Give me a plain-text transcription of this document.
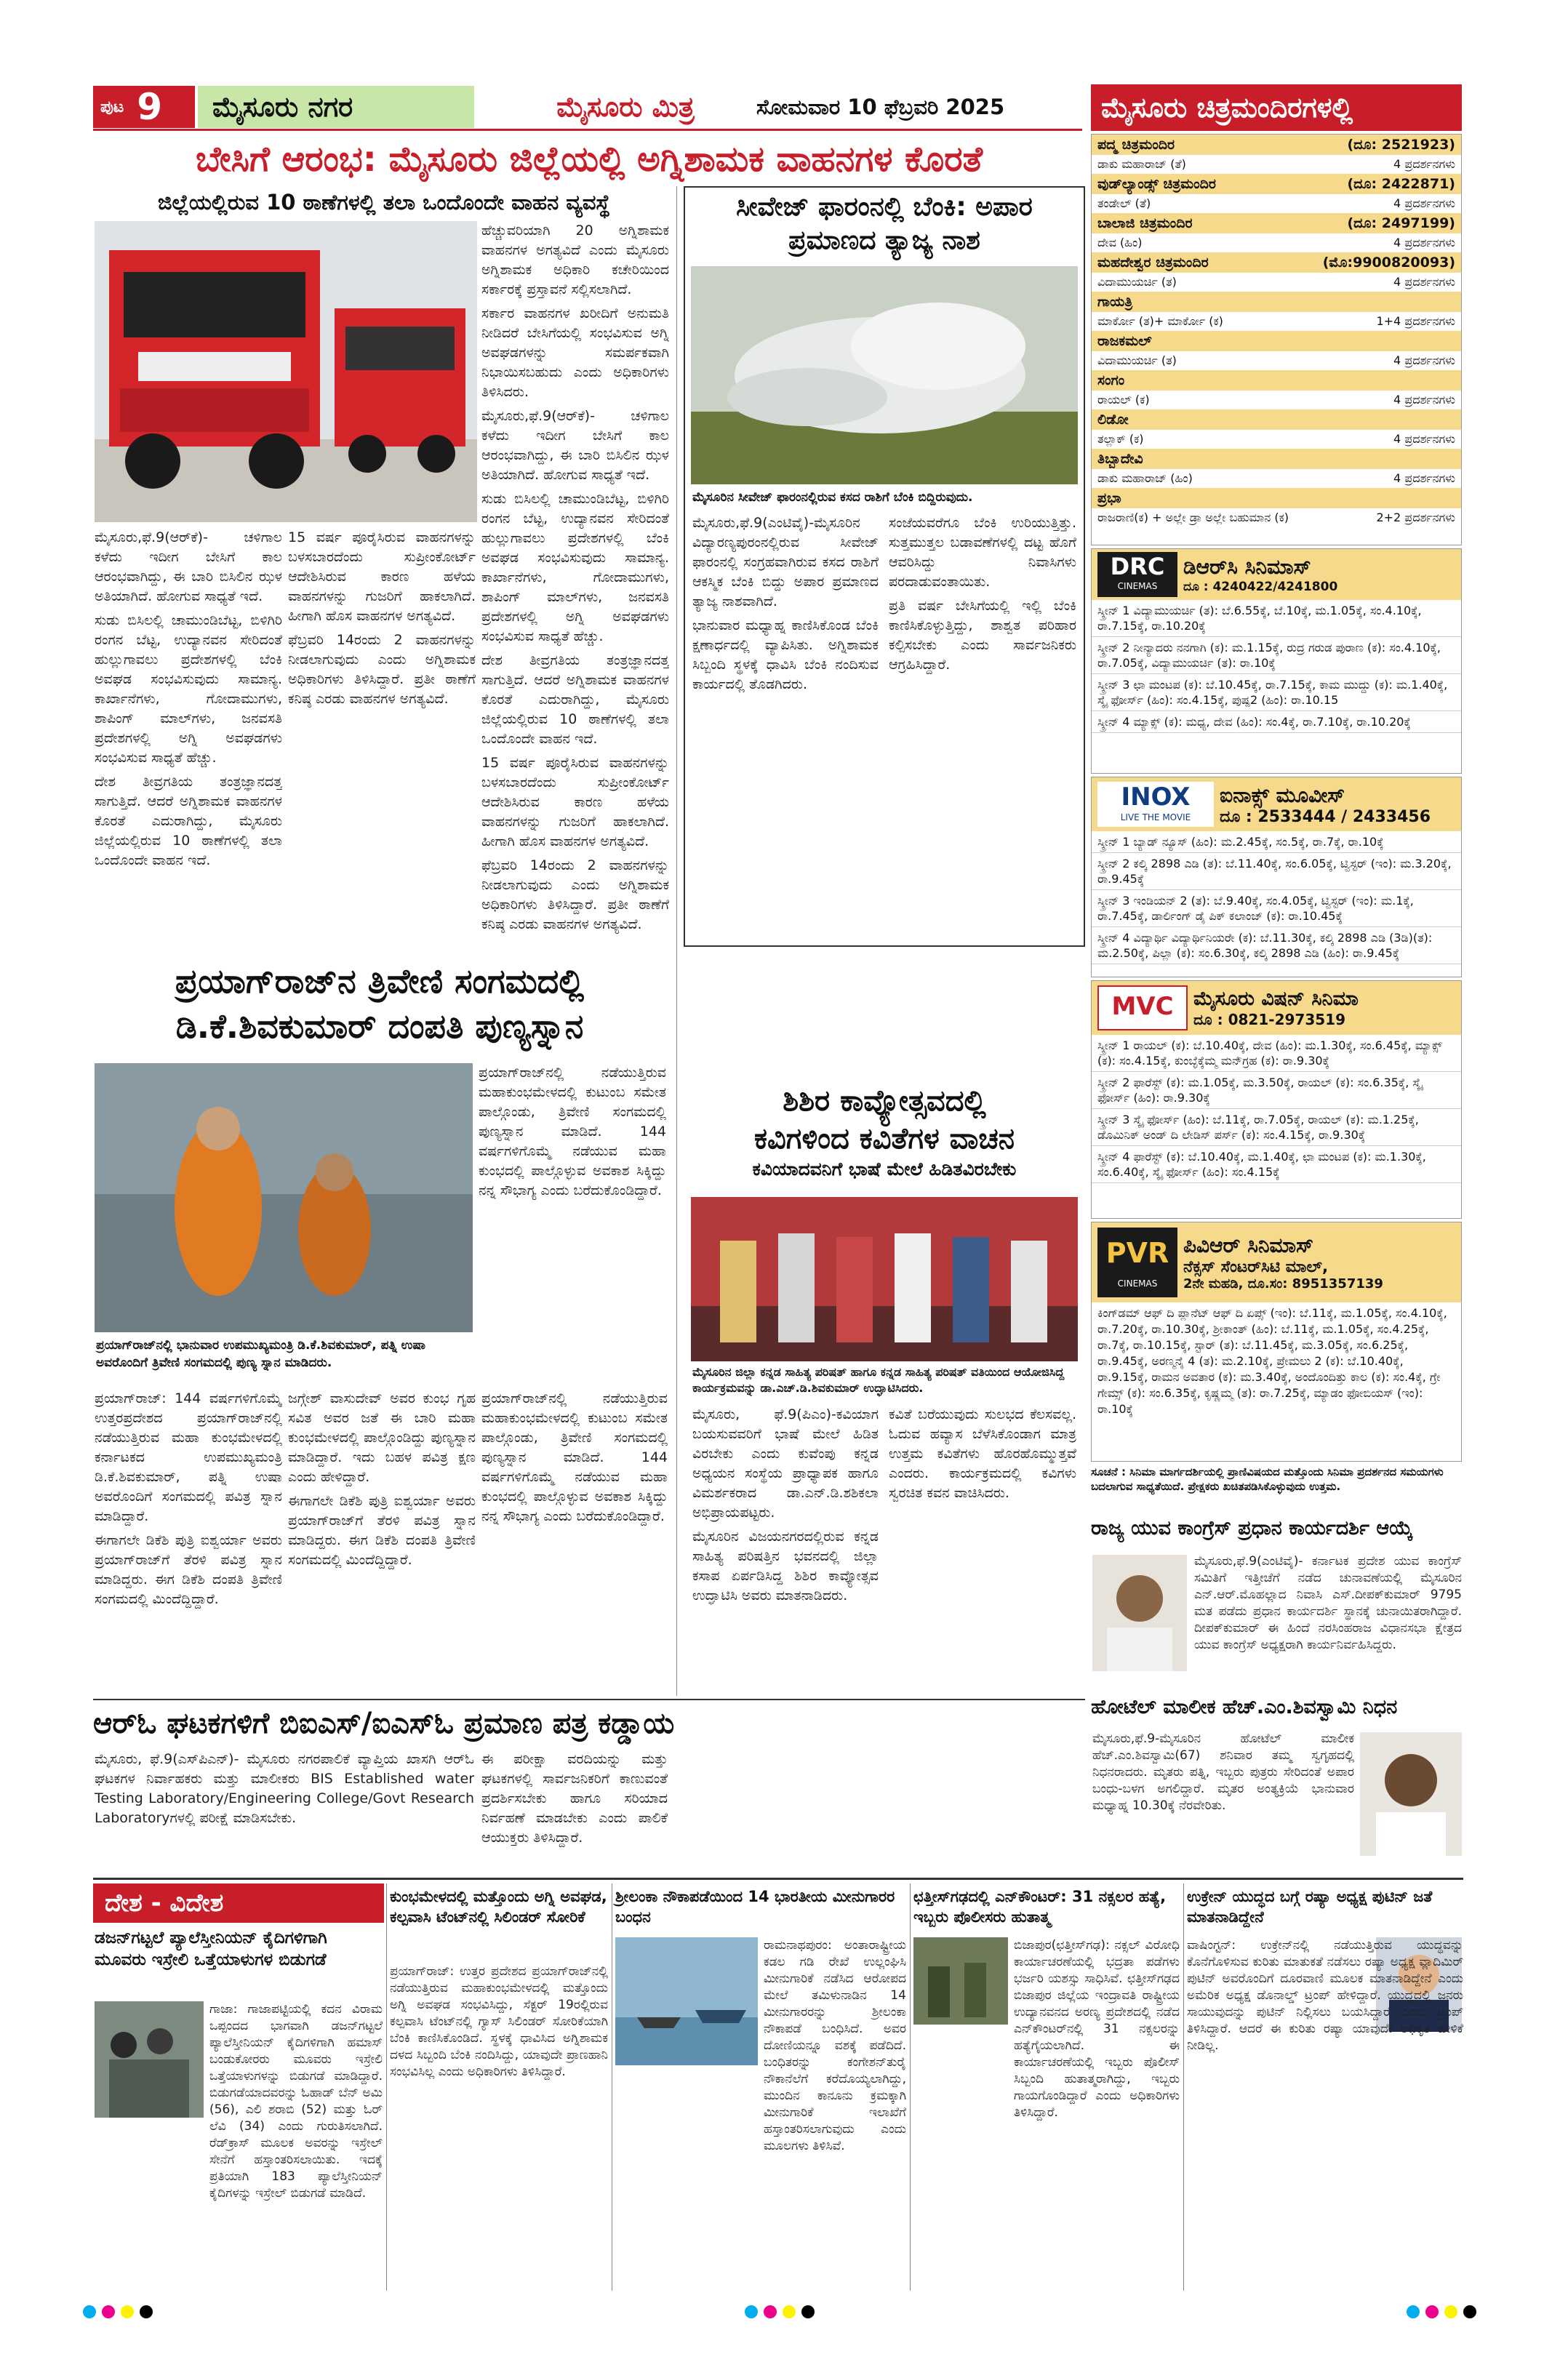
ಪುಟ 9 ಮೈಸೂರು ನಗರ	ಮೈಸೂರು ಮಿತ್ರ	ಸೋಮವಾರ 10 ಫೆಬ್ರವರಿ 2025
ಬೇಸಿಗೆ ಆರಂಭ: ಮೈಸೂರು ಜಿಲ್ಲೆಯಲ್ಲಿ ಅಗ್ನಿಶಾಮಕ ವಾಹನಗಳ ಕೊರತೆ
ಜಿಲ್ಲೆಯಲ್ಲಿರುವ 10 ಠಾಣೆಗಳಲ್ಲಿ ತಲಾ ಒಂದೊಂದೇ ವಾಹನ ವ್ಯವಸ್ಥೆ

ಮೈಸೂರು,ಫೆ.9(ಆರ್‌ಕೆ)- ಚಳಿಗಾಲ ಕಳೆದು ಇದೀಗ ಬೇಸಿಗೆ ಕಾಲ ಆರಂಭವಾಗಿದ್ದು, ಈ ಬಾರಿ ಬಿಸಿಲಿನ ಝಳ ಅತಿಯಾಗಿದೆ. ಹೋಗುವ ಸಾಧ್ಯತೆ ಇದೆ.

ಸುಡು ಬಿಸಿಲಲ್ಲಿ ಚಾಮುಂಡಿಬೆಟ್ಟ, ಬಿಳಿಗಿರಿ ರಂಗನ ಬೆಟ್ಟ, ಉದ್ಯಾನವನ ಸೇರಿದಂತೆ ಹುಲ್ಲುಗಾವಲು ಪ್ರದೇಶಗಳಲ್ಲಿ ಬೆಂಕಿ ಅವಘಡ ಸಂಭವಿಸುವುದು ಸಾಮಾನ್ಯ. ಕಾರ್ಖಾನೆಗಳು, ಗೋದಾಮುಗಳು, ಶಾಪಿಂಗ್ ಮಾಲ್‌ಗಳು, ಜನವಸತಿ ಪ್ರದೇಶಗಳಲ್ಲಿ ಅಗ್ನಿ ಅವಘಡಗಳು ಸಂಭವಿಸುವ ಸಾಧ್ಯತೆ ಹೆಚ್ಚು.

ದೇಶ ತೀವ್ರಗತಿಯ ತಂತ್ರಜ್ಞಾನದತ್ತ ಸಾಗುತ್ತಿದೆ. ಆದರೆ ಅಗ್ನಿಶಾಮಕ ವಾಹನಗಳ ಕೊರತೆ ಎದುರಾಗಿದ್ದು, ಮೈಸೂರು ಜಿಲ್ಲೆಯಲ್ಲಿರುವ 10 ಠಾಣೆಗಳಲ್ಲಿ ತಲಾ ಒಂದೊಂದೇ ವಾಹನ ಇದೆ.

15 ವರ್ಷ ಪೂರೈಸಿರುವ ವಾಹನಗಳನ್ನು ಬಳಸಬಾರದೆಂದು ಸುಪ್ರೀಂಕೋರ್ಟ್ ಆದೇಶಿಸಿರುವ ಕಾರಣ ಹಳೆಯ ವಾಹನಗಳನ್ನು ಗುಜರಿಗೆ ಹಾಕಲಾಗಿದೆ. ಹೀಗಾಗಿ ಹೊಸ ವಾಹನಗಳ ಅಗತ್ಯವಿದೆ.

ಫೆಬ್ರವರಿ 14ರಂದು 2 ವಾಹನಗಳನ್ನು ನೀಡಲಾಗುವುದು ಎಂದು ಅಗ್ನಿಶಾಮಕ ಅಧಿಕಾರಿಗಳು ತಿಳಿಸಿದ್ದಾರೆ. ಪ್ರತೀ ಠಾಣೆಗೆ ಕನಿಷ್ಠ ಎರಡು ವಾಹನಗಳ ಅಗತ್ಯವಿದೆ.

ಹೆಚ್ಚುವರಿಯಾಗಿ 20 ಅಗ್ನಿಶಾಮಕ ವಾಹನಗಳ ಅಗತ್ಯವಿದೆ ಎಂದು ಮೈಸೂರು ಅಗ್ನಿಶಾಮಕ ಅಧಿಕಾರಿ ಕಚೇರಿಯಿಂದ ಸರ್ಕಾರಕ್ಕೆ ಪ್ರಸ್ತಾವನೆ ಸಲ್ಲಿಸಲಾಗಿದೆ.

ಸರ್ಕಾರ ವಾಹನಗಳ ಖರೀದಿಗೆ ಅನುಮತಿ ನೀಡಿದರೆ ಬೇಸಿಗೆಯಲ್ಲಿ ಸಂಭವಿಸುವ ಅಗ್ನಿ ಅವಘಡಗಳನ್ನು ಸಮರ್ಪಕವಾಗಿ ನಿಭಾಯಿಸಬಹುದು ಎಂದು ಅಧಿಕಾರಿಗಳು ತಿಳಿಸಿದರು.

ಮೈಸೂರು,ಫೆ.9(ಆರ್‌ಕೆ)- ಚಳಿಗಾಲ ಕಳೆದು ಇದೀಗ ಬೇಸಿಗೆ ಕಾಲ ಆರಂಭವಾಗಿದ್ದು, ಈ ಬಾರಿ ಬಿಸಿಲಿನ ಝಳ ಅತಿಯಾಗಿದೆ. ಹೋಗುವ ಸಾಧ್ಯತೆ ಇದೆ.

ಸುಡು ಬಿಸಿಲಲ್ಲಿ ಚಾಮುಂಡಿಬೆಟ್ಟ, ಬಿಳಿಗಿರಿ ರಂಗನ ಬೆಟ್ಟ, ಉದ್ಯಾನವನ ಸೇರಿದಂತೆ ಹುಲ್ಲುಗಾವಲು ಪ್ರದೇಶಗಳಲ್ಲಿ ಬೆಂಕಿ ಅವಘಡ ಸಂಭವಿಸುವುದು ಸಾಮಾನ್ಯ. ಕಾರ್ಖಾನೆಗಳು, ಗೋದಾಮುಗಳು, ಶಾಪಿಂಗ್ ಮಾಲ್‌ಗಳು, ಜನವಸತಿ ಪ್ರದೇಶಗಳಲ್ಲಿ ಅಗ್ನಿ ಅವಘಡಗಳು ಸಂಭವಿಸುವ ಸಾಧ್ಯತೆ ಹೆಚ್ಚು.

ದೇಶ ತೀವ್ರಗತಿಯ ತಂತ್ರಜ್ಞಾನದತ್ತ ಸಾಗುತ್ತಿದೆ. ಆದರೆ ಅಗ್ನಿಶಾಮಕ ವಾಹನಗಳ ಕೊರತೆ ಎದುರಾಗಿದ್ದು, ಮೈಸೂರು ಜಿಲ್ಲೆಯಲ್ಲಿರುವ 10 ಠಾಣೆಗಳಲ್ಲಿ ತಲಾ ಒಂದೊಂದೇ ವಾಹನ ಇದೆ.

15 ವರ್ಷ ಪೂರೈಸಿರುವ ವಾಹನಗಳನ್ನು ಬಳಸಬಾರದೆಂದು ಸುಪ್ರೀಂಕೋರ್ಟ್ ಆದೇಶಿಸಿರುವ ಕಾರಣ ಹಳೆಯ ವಾಹನಗಳನ್ನು ಗುಜರಿಗೆ ಹಾಕಲಾಗಿದೆ. ಹೀಗಾಗಿ ಹೊಸ ವಾಹನಗಳ ಅಗತ್ಯವಿದೆ.

ಫೆಬ್ರವರಿ 14ರಂದು 2 ವಾಹನಗಳನ್ನು ನೀಡಲಾಗುವುದು ಎಂದು ಅಗ್ನಿಶಾಮಕ ಅಧಿಕಾರಿಗಳು ತಿಳಿಸಿದ್ದಾರೆ. ಪ್ರತೀ ಠಾಣೆಗೆ ಕನಿಷ್ಠ ಎರಡು ವಾಹನಗಳ ಅಗತ್ಯವಿದೆ.

ಸೀವೇಜ್ ಫಾರಂನಲ್ಲಿ ಬೆಂಕಿ: ಅಪಾರ ಪ್ರಮಾಣದ ತ್ಯಾಜ್ಯ ನಾಶ
ಮೈಸೂರಿನ ಸೀವೇಜ್ ಫಾರಂನಲ್ಲಿರುವ ಕಸದ ರಾಶಿಗೆ ಬೆಂಕಿ ಬಿದ್ದಿರುವುದು.

ಮೈಸೂರು,ಫೆ.9(ಎಂಟಿವೈ)-ಮೈಸೂರಿನ ವಿದ್ಯಾರಣ್ಯಪುರಂನಲ್ಲಿರುವ ಸೀವೇಜ್ ಫಾರಂನಲ್ಲಿ ಸಂಗ್ರಹವಾಗಿರುವ ಕಸದ ರಾಶಿಗೆ ಆಕಸ್ಮಿಕ ಬೆಂಕಿ ಬಿದ್ದು ಅಪಾರ ಪ್ರಮಾಣದ ತ್ಯಾಜ್ಯ ನಾಶವಾಗಿದೆ.

ಭಾನುವಾರ ಮಧ್ಯಾಹ್ನ ಕಾಣಿಸಿಕೊಂಡ ಬೆಂಕಿ ಕ್ಷಣಾರ್ಧದಲ್ಲಿ ವ್ಯಾಪಿಸಿತು. ಅಗ್ನಿಶಾಮಕ ಸಿಬ್ಬಂದಿ ಸ್ಥಳಕ್ಕೆ ಧಾವಿಸಿ ಬೆಂಕಿ ನಂದಿಸುವ ಕಾರ್ಯದಲ್ಲಿ ತೊಡಗಿದರು.

ಸಂಜೆಯವರೆಗೂ ಬೆಂಕಿ ಉರಿಯುತ್ತಿತ್ತು. ಸುತ್ತಮುತ್ತಲ ಬಡಾವಣೆಗಳಲ್ಲಿ ದಟ್ಟ ಹೊಗೆ ಆವರಿಸಿದ್ದು ನಿವಾಸಿಗಳು ಪರದಾಡುವಂತಾಯಿತು.

ಪ್ರತಿ ವರ್ಷ ಬೇಸಿಗೆಯಲ್ಲಿ ಇಲ್ಲಿ ಬೆಂಕಿ ಕಾಣಿಸಿಕೊಳ್ಳುತ್ತಿದ್ದು, ಶಾಶ್ವತ ಪರಿಹಾರ ಕಲ್ಪಿಸಬೇಕು ಎಂದು ಸಾರ್ವಜನಿಕರು ಆಗ್ರಹಿಸಿದ್ದಾರೆ.

ಪ್ರಯಾಗ್‌ರಾಜ್‌ನ ತ್ರಿವೇಣಿ ಸಂಗಮದಲ್ಲಿ
ಡಿ.ಕೆ.ಶಿವಕುಮಾರ್ ದಂಪತಿ ಪುಣ್ಯಸ್ನಾನ
ಪ್ರಯಾಗ್‌ರಾಜ್‌ನಲ್ಲಿ ಭಾನುವಾರ ಉಪಮುಖ್ಯಮಂತ್ರಿ ಡಿ.ಕೆ.ಶಿವಕುಮಾರ್, ಪತ್ನಿ ಉಷಾ ಅವರೊಂದಿಗೆ ತ್ರಿವೇಣಿ ಸಂಗಮದಲ್ಲಿ ಪುಣ್ಯ ಸ್ನಾನ ಮಾಡಿದರು.

ಪ್ರಯಾಗ್‌ರಾಜ್‌ನಲ್ಲಿ ನಡೆಯುತ್ತಿರುವ ಮಹಾಕುಂಭಮೇಳದಲ್ಲಿ ಕುಟುಂಬ ಸಮೇತ ಪಾಲ್ಗೊಂಡು, ತ್ರಿವೇಣಿ ಸಂಗಮದಲ್ಲಿ ಪುಣ್ಯಸ್ನಾನ ಮಾಡಿದೆ. 144 ವರ್ಷಗಳಿಗೊಮ್ಮೆ ನಡೆಯುವ ಮಹಾ ಕುಂಭದಲ್ಲಿ ಪಾಲ್ಗೊಳ್ಳುವ ಅವಕಾಶ ಸಿಕ್ಕಿದ್ದು ನನ್ನ ಸೌಭಾಗ್ಯ ಎಂದು ಬರೆದುಕೊಂಡಿದ್ದಾರೆ.

ಪ್ರಯಾಗ್‌ರಾಜ್: 144 ವರ್ಷಗಳಿಗೊಮ್ಮೆ ಉತ್ತರಪ್ರದೇಶದ ಪ್ರಯಾಗ್‌ರಾಜ್‌ನಲ್ಲಿ ನಡೆಯುತ್ತಿರುವ ಮಹಾ ಕುಂಭಮೇಳದಲ್ಲಿ ಕರ್ನಾಟಕದ ಉಪಮುಖ್ಯಮಂತ್ರಿ ಡಿ.ಕೆ.ಶಿವಕುಮಾರ್, ಪತ್ನಿ ಉಷಾ ಅವರೊಂದಿಗೆ ಸಂಗಮದಲ್ಲಿ ಪವಿತ್ರ ಸ್ನಾನ ಮಾಡಿದ್ದಾರೆ.

ಈಗಾಗಲೇ ಡಿಕೆಶಿ ಪುತ್ರಿ ಐಶ್ವರ್ಯಾ ಅವರು ಪ್ರಯಾಗ್‌ರಾಜ್‌ಗೆ ತೆರಳಿ ಪವಿತ್ರ ಸ್ನಾನ ಮಾಡಿದ್ದರು. ಈಗ ಡಿಕೆಶಿ ದಂಪತಿ ತ್ರಿವೇಣಿ ಸಂಗಮದಲ್ಲಿ ಮಿಂದೆದ್ದಿದ್ದಾರೆ.

ಜಗ್ಗೇಶ್ ವಾಸುದೇವ್ ಅವರ ಕುಂಭ ಗೃಹ ಸವಿತ ಅವರ ಜತೆ ಈ ಬಾರಿ ಮಹಾ ಕುಂಭಮೇಳದಲ್ಲಿ ಪಾಲ್ಗೊಂಡಿದ್ದು ಪುಣ್ಯಸ್ನಾನ ಮಾಡಿದ್ದಾರೆ. ಇದು ಬಹಳ ಪವಿತ್ರ ಕ್ಷಣ ಎಂದು ಹೇಳಿದ್ದಾರೆ.

ಈಗಾಗಲೇ ಡಿಕೆಶಿ ಪುತ್ರಿ ಐಶ್ವರ್ಯಾ ಅವರು ಪ್ರಯಾಗ್‌ರಾಜ್‌ಗೆ ತೆರಳಿ ಪವಿತ್ರ ಸ್ನಾನ ಮಾಡಿದ್ದರು. ಈಗ ಡಿಕೆಶಿ ದಂಪತಿ ತ್ರಿವೇಣಿ ಸಂಗಮದಲ್ಲಿ ಮಿಂದೆದ್ದಿದ್ದಾರೆ.

ಪ್ರಯಾಗ್‌ರಾಜ್‌ನಲ್ಲಿ ನಡೆಯುತ್ತಿರುವ ಮಹಾಕುಂಭಮೇಳದಲ್ಲಿ ಕುಟುಂಬ ಸಮೇತ ಪಾಲ್ಗೊಂಡು, ತ್ರಿವೇಣಿ ಸಂಗಮದಲ್ಲಿ ಪುಣ್ಯಸ್ನಾನ ಮಾಡಿದೆ. 144 ವರ್ಷಗಳಿಗೊಮ್ಮೆ ನಡೆಯುವ ಮಹಾ ಕುಂಭದಲ್ಲಿ ಪಾಲ್ಗೊಳ್ಳುವ ಅವಕಾಶ ಸಿಕ್ಕಿದ್ದು ನನ್ನ ಸೌಭಾಗ್ಯ ಎಂದು ಬರೆದುಕೊಂಡಿದ್ದಾರೆ.

ಶಿಶಿರ ಕಾವ್ಯೋತ್ಸವದಲ್ಲಿ
ಕವಿಗಳಿಂದ ಕವಿತೆಗಳ ವಾಚನ
ಕವಿಯಾದವನಿಗೆ ಭಾಷೆ ಮೇಲೆ ಹಿಡಿತವಿರಬೇಕು
ಮೈಸೂರಿನ ಜಿಲ್ಲಾ ಕನ್ನಡ ಸಾಹಿತ್ಯ ಪರಿಷತ್ ಹಾಗೂ ಕನ್ನಡ ಸಾಹಿತ್ಯ ಪರಿಷತ್ ವತಿಯಿಂದ ಆಯೋಜಿಸಿದ್ದ ಕಾರ್ಯಕ್ರಮವನ್ನು ಡಾ.ಎಚ್.ಡಿ.ಶಿವಕುಮಾರ್ ಉದ್ಘಾಟಿಸಿದರು.

ಮೈಸೂರು, ಫೆ.9(ಪಿಎಂ)-ಕವಿಯಾಗ ಬಯಸುವವರಿಗೆ ಭಾಷೆ ಮೇಲೆ ಹಿಡಿತ ವಿರಬೇಕು ಎಂದು ಕುವೆಂಪು ಕನ್ನಡ ಅಧ್ಯಯನ ಸಂಸ್ಥೆಯ ಪ್ರಾಧ್ಯಾಪಕ ಹಾಗೂ ವಿಮರ್ಶಕರಾದ ಡಾ.ಎನ್.ಡಿ.ಶಶಿಕಲಾ ಅಭಿಪ್ರಾಯಪಟ್ಟರು.

ಮೈಸೂರಿನ ವಿಜಯನಗರದಲ್ಲಿರುವ ಕನ್ನಡ ಸಾಹಿತ್ಯ ಪರಿಷತ್ತಿನ ಭವನದಲ್ಲಿ ಜಿಲ್ಲಾ ಕಸಾಪ ಏರ್ಪಡಿಸಿದ್ದ ಶಿಶಿರ ಕಾವ್ಯೋತ್ಸವ ಉದ್ಘಾಟಿಸಿ ಅವರು ಮಾತನಾಡಿದರು.

ಕವಿತೆ ಬರೆಯುವುದು ಸುಲಭದ ಕೆಲಸವಲ್ಲ. ಓದುವ ಹವ್ಯಾಸ ಬೆಳೆಸಿಕೊಂಡಾಗ ಮಾತ್ರ ಉತ್ತಮ ಕವಿತೆಗಳು ಹೊರಹೊಮ್ಮುತ್ತವೆ ಎಂದರು. ಕಾರ್ಯಕ್ರಮದಲ್ಲಿ ಕವಿಗಳು ಸ್ವರಚಿತ ಕವನ ವಾಚಿಸಿದರು.

ಆರ್‌ಓ ಘಟಕಗಳಿಗೆ ಬಿಐಎಸ್/ಐಎಸ್‌ಓ ಪ್ರಮಾಣ ಪತ್ರ ಕಡ್ಡಾಯ

ಮೈಸೂರು, ಫೆ.9(ಎಸ್‌ಪಿಎನ್)- ಮೈಸೂರು ನಗರಪಾಲಿಕೆ ವ್ಯಾಪ್ತಿಯ ಖಾಸಗಿ ಆರ್‌ಓ ಘಟಕಗಳ ನಿರ್ವಾಹಕರು ಮತ್ತು ಮಾಲೀಕರು BIS Established water Testing Laboratory/Engineering College/Govt Research Laboratoryಗಳಲ್ಲಿ ಪರೀಕ್ಷೆ ಮಾಡಿಸಬೇಕು.

ಈ ಪರೀಕ್ಷಾ ವರದಿಯನ್ನು ಮತ್ತು ಘಟಕಗಳಲ್ಲಿ ಸಾರ್ವಜನಿಕರಿಗೆ ಕಾಣುವಂತೆ ಪ್ರದರ್ಶಿಸಬೇಕು ಹಾಗೂ ಸರಿಯಾದ ನಿರ್ವಹಣೆ ಮಾಡಬೇಕು ಎಂದು ಪಾಲಿಕೆ ಆಯುಕ್ತರು ತಿಳಿಸಿದ್ದಾರೆ.

ಮೈಸೂರು ಚಿತ್ರಮಂದಿರಗಳಲ್ಲಿ
ಪದ್ಮ ಚಿತ್ರಮಂದಿರ	(ದೂ: 2521923)
ಡಾಕು ಮಹಾರಾಜ್ (ತೆ)	4 ಪ್ರದರ್ಶನಗಳು
ವುಡ್‌ಲ್ಯಾಂಡ್ಸ್ ಚಿತ್ರಮಂದಿರ	(ದೂ: 2422871)
ತಂಡೇಲ್ (ತೆ)	4 ಪ್ರದರ್ಶನಗಳು
ಬಾಲಾಜಿ ಚಿತ್ರಮಂದಿರ	(ದೂ: 2497199)
ದೇವ (ಹಿಂ)	4 ಪ್ರದರ್ಶನಗಳು
ಮಹದೇಶ್ವರ ಚಿತ್ರಮಂದಿರ	(ಮೊ:9900820093)
ವಿದಾಮುಯರ್ಚಿ (ತ)	4 ಪ್ರದರ್ಶನಗಳು
ಗಾಯತ್ರಿ
ಮಾರ್ಕೋ (ತ)+ ಮಾರ್ಕೋ (ಕ)	1+4 ಪ್ರದರ್ಶನಗಳು
ರಾಜಕಮಲ್
ವಿದಾಮುಯರ್ಚಿ (ತ)	4 ಪ್ರದರ್ಶನಗಳು
ಸಂಗಂ
ರಾಯಲ್ (ಕ)	4 ಪ್ರದರ್ಶನಗಳು
ಲಿಡೋ
ತಲ್ಲಾಕ್ (ಕ)	4 ಪ್ರದರ್ಶನಗಳು
ತಿಬ್ಬಾದೇವಿ
ಡಾಕು ಮಹಾರಾಜ್ (ಹಿಂ)	4 ಪ್ರದರ್ಶನಗಳು
ಪ್ರಭಾ
ರಾಜರಾಣಿ(ಕ) + ಅಲ್ಲೇ ಡ್ರಾ ಅಲ್ಲೇ ಬಹುಮಾನ (ಕ)	2+2 ಪ್ರದರ್ಶನಗಳು
DRC
CINEMAS
ಡಿಆರ್‌ಸಿ ಸಿನಿಮಾಸ್
ದೂ : 4240422/4241800
ಸ್ಕ್ರೀನ್ 1 ವಿದ್ಯಾಮುಯರ್ಚಿ (ತ): ಬೆ.6.55ಕ್ಕೆ, ಬೆ.10ಕ್ಕೆ, ಮ.1.05ಕ್ಕೆ, ಸಂ.4.10ಕ್ಕೆ, ರಾ.7.15ಕ್ಕೆ, ರಾ.10.20ಕ್ಕೆ
ಸ್ಕ್ರೀನ್ 2 ನೀನ್ಯಾದರು ನನಗಾಗಿ (ಕ): ಮ.1.15ಕ್ಕೆ, ರುದ್ರ ಗರುಡ ಪುರಾಣ (ಕ): ಸಂ.4.10ಕ್ಕೆ, ರಾ.7.05ಕ್ಕೆ, ವಿದ್ಯಾಮುಯರ್ಚಿ (ತ): ರಾ.10ಕ್ಕೆ
ಸ್ಕ್ರೀನ್ 3 ಛಾ ಮಂಟಪ (ಕ): ಬೆ.10.45ಕ್ಕೆ, ರಾ.7.15ಕ್ಕೆ, ಕಾಮ ಮುದ್ದು (ಕ): ಮ.1.40ಕ್ಕೆ, ಸ್ಕೈ ಫೋರ್ಸ್ (ಹಿಂ): ಸಂ.4.15ಕ್ಕೆ, ಪುಷ್ಪ2 (ಹಿಂ): ರಾ.10.15
ಸ್ಕ್ರೀನ್ 4 ಮ್ಯಾಕ್ಸ್ (ಕ): ಮಧ್ಯ, ದೇವ (ಹಿಂ): ಸಂ.4ಕ್ಕೆ, ರಾ.7.10ಕ್ಕೆ, ರಾ.10.20ಕ್ಕೆ
INOX
LIVE THE MOVIE
ಐನಾಕ್ಸ್ ಮೂವೀಸ್
ದೂ : 2533444 / 2433456
ಸ್ಕ್ರೀನ್ 1 ಬ್ಯಾಡ್ ನ್ಯೂಸ್ (ಹಿಂ): ಮ.2.45ಕ್ಕೆ, ಸಂ.5ಕ್ಕೆ, ರಾ.7ಕ್ಕೆ, ರಾ.10ಕ್ಕೆ
ಸ್ಕ್ರೀನ್ 2 ಕಲ್ಕಿ 2898 ಎಡಿ (ತ): ಬೆ.11.40ಕ್ಕೆ, ಸಂ.6.05ಕ್ಕೆ, ಟ್ವಿಸ್ಟರ್ (ಇಂ): ಮ.3.20ಕ್ಕೆ, ರಾ.9.45ಕ್ಕೆ
ಸ್ಕ್ರೀನ್ 3 ಇಂಡಿಯನ್ 2 (ತ): ಬೆ.9.40ಕ್ಕೆ, ಸಂ.4.05ಕ್ಕೆ, ಟ್ವಿಸ್ಟರ್ (ಇಂ): ಮ.1ಕ್ಕೆ, ರಾ.7.45ಕ್ಕೆ, ಡಾರ್ಲಿಂಗ್ ಡೈ ಪಿಕ್ ಕಲಾಂಜ್ (ಕ): ರಾ.10.45ಕ್ಕೆ
ಸ್ಕ್ರೀನ್ 4 ವಿದ್ಯಾರ್ಥಿ ವಿದ್ಯಾರ್ಥಿನಿಯರೇ (ಕ): ಬೆ.11.30ಕ್ಕೆ, ಕಲ್ಕಿ 2898 ಎಡಿ (3ಡಿ)(ತ): ಮ.2.50ಕ್ಕೆ, ಪಿಲ್ಲಾ (ಕ): ಸಂ.6.30ಕ್ಕೆ, ಕಲ್ಕಿ 2898 ಎಡಿ (ಹಿಂ): ರಾ.9.45ಕ್ಕೆ
MVC	ಮೈಸೂರು ವಿಷನ್ ಸಿನಿಮಾ
ದೂ : 0821-2973519
ಸ್ಕ್ರೀನ್ 1 ರಾಯಲ್ (ಕ): ಬೆ.10.40ಕ್ಕೆ, ದೇವ (ಹಿಂ): ಮ.1.30ಕ್ಕೆ, ಸಂ.6.45ಕ್ಕೆ, ಮ್ಯಾಕ್ಸ್ (ಕ): ಸಂ.4.15ಕ್ಕೆ, ಕುಂಬ್ಳೆಕ್ಕೆಮ್ಮ ಮನೆ್ಗ್ರಹ (ಕ): ರಾ.9.30ಕ್ಕೆ
ಸ್ಕ್ರೀನ್ 2 ಫಾರೆಸ್ಟ್ (ಕ): ಮ.1.05ಕ್ಕೆ, ಮ.3.50ಕ್ಕೆ, ರಾಯಲ್ (ಕ): ಸಂ.6.35ಕ್ಕೆ, ಸ್ಕೈ ಫೋರ್ಸ್ (ಹಿಂ): ರಾ.9.30ಕ್ಕೆ
ಸ್ಕ್ರೀನ್ 3 ಸ್ಕೈ ಫೋರ್ಸ್ (ಹಿಂ): ಬೆ.11ಕ್ಕೆ, ರಾ.7.05ಕ್ಕೆ, ರಾಯಲ್ (ಕ): ಮ.1.25ಕ್ಕೆ, ಡೊಮಿನಿಕ್ ಅಂಡ್ ದಿ ಲೇಡಿಸ್ ಪರ್ಸ್ (ಕ): ಸಂ.4.15ಕ್ಕೆ, ರಾ.9.30ಕ್ಕೆ
ಸ್ಕ್ರೀನ್ 4 ಫಾರೆಸ್ಟ್ (ಕ): ಬೆ.10.40ಕ್ಕೆ, ಮ.1.40ಕ್ಕೆ, ಛಾ ಮಂಟಪ (ಕ): ಮ.1.30ಕ್ಕೆ, ಸಂ.6.40ಕ್ಕೆ, ಸ್ಕೈ ಫೋರ್ಸ್ (ಹಿಂ): ಸಂ.4.15ಕ್ಕೆ
PVR
CINEMAS
ಪಿವಿಆರ್ ಸಿನಿಮಾಸ್
ನೆಕ್ಸಸ್ ಸೆಂಟರ್‌ಸಿಟಿ ಮಾಲ್,
2ನೇ ಮಹಡಿ, ದೂ.ಸಂ: 8951357139
ಕಿಂಗ್‌ಡಮ್ ಆಫ್ ದಿ ಪ್ಲಾನೆಟ್ ಆಫ್ ದಿ ಏಪ್ಸ್ (ಇಂ): ಬೆ.11ಕ್ಕೆ, ಮ.1.05ಕ್ಕೆ, ಸಂ.4.10ಕ್ಕೆ, ರಾ.7.20ಕ್ಕೆ, ರಾ.10.30ಕ್ಕೆ, ಶ್ರೀಕಾಂತ್ (ಹಿಂ): ಬೆ.11ಕ್ಕೆ, ಮ.1.05ಕ್ಕೆ, ಸಂ.4.25ಕ್ಕೆ, ರಾ.7ಕ್ಕೆ, ರಾ.10.15ಕ್ಕೆ, ಸ್ಟಾರ್ (ತ): ಬೆ.11.45ಕ್ಕೆ, ಮ.3.05ಕ್ಕೆ, ಸಂ.6.25ಕ್ಕೆ, ರಾ.9.45ಕ್ಕೆ, ಅರಣ್ಮನೈ 4 (ತ): ಮ.2.10ಕ್ಕೆ, ಪ್ರೇಮಲು 2 (ಕ): ಬೆ.10.40ಕ್ಕೆ, ರಾ.9.15ಕ್ಕೆ, ರಾಮನ ಅವತಾರ (ಕ): ಮ.3.40ಕ್ಕೆ, ಅಂದೊಂದಿತ್ತು ಕಾಲ (ಕ): ಸಂ.4ಕ್ಕೆ, ಗ್ರೇ ಗೇಮ್ಸ್ (ಕ): ಸಂ.6.35ಕ್ಕೆ, ಕೃಷ್ಣಮ್ಮ (ತ): ರಾ.7.25ಕ್ಕೆ, ಮ್ಯಾಡಂ ಫೋಬಿಯಸ್ (ಇಂ): ರಾ.10ಕ್ಕೆ
ಸೂಚನೆ : ಸಿನಿಮಾ ಮಾರ್ಗದರ್ಶಿಯಲ್ಲಿ ಪ್ರಾಣಿವಿಷಯದ ಮತ್ತೊಂದು ಸಿನಿಮಾ ಪ್ರದರ್ಶನದ ಸಮಯಗಳು ಬದಲಾಗುವ ಸಾಧ್ಯತೆಯಿದೆ. ಪ್ರೇಕ್ಷಕರು ಖಚಿತಪಡಿಸಿಕೊಳ್ಳುವುದು ಉತ್ತಮ.
ರಾಜ್ಯ ಯುವ ಕಾಂಗ್ರೆಸ್ ಪ್ರಧಾನ ಕಾರ್ಯದರ್ಶಿ ಆಯ್ಕೆ
ಮೈಸೂರು,ಫೆ.9(ಎಂಟಿವೈ)- ಕರ್ನಾಟಕ ಪ್ರದೇಶ ಯುವ ಕಾಂಗ್ರೆಸ್ ಸಮಿತಿಗೆ ಇತ್ತೀಚೆಗೆ ನಡೆದ ಚುನಾವಣೆಯಲ್ಲಿ ಮೈಸೂರಿನ ಎನ್.ಆರ್.ಮೊಹಲ್ಲಾದ ನಿವಾಸಿ ಎಸ್.ದೀಪಕ್‌ಕುಮಾರ್ 9795 ಮತ ಪಡೆದು ಪ್ರಧಾನ ಕಾರ್ಯದರ್ಶಿ ಸ್ಥಾನಕ್ಕೆ ಚುನಾಯಿತರಾಗಿದ್ದಾರೆ. ದೀಪಕ್‌ಕುಮಾರ್ ಈ ಹಿಂದೆ ನರಸಿಂಹರಾಜ ವಿಧಾನಸಭಾ ಕ್ಷೇತ್ರದ ಯುವ ಕಾಂಗ್ರೆಸ್ ಅಧ್ಯಕ್ಷರಾಗಿ ಕಾರ್ಯನಿರ್ವಹಿಸಿದ್ದರು.
ಹೋಟೆಲ್ ಮಾಲೀಕ ಹೆಚ್.ಎಂ.ಶಿವಸ್ವಾಮಿ ನಿಧನ
ಮೈಸೂರು,ಫೆ.9-ಮೈಸೂರಿನ ಹೋಟೆಲ್ ಮಾಲೀಕ ಹೆಚ್.ಎಂ.ಶಿವಸ್ವಾಮಿ(67) ಶನಿವಾರ ತಮ್ಮ ಸ್ವಗೃಹದಲ್ಲಿ ನಿಧನರಾದರು. ಮೃತರು ಪತ್ನಿ, ಇಬ್ಬರು ಪುತ್ರರು ಸೇರಿದಂತೆ ಅಪಾರ ಬಂಧು-ಬಳಗ ಅಗಲಿದ್ದಾರೆ. ಮೃತರ ಅಂತ್ಯಕ್ರಿಯೆ ಭಾನುವಾರ ಮಧ್ಯಾಹ್ನ 10.30ಕ್ಕೆ ನೆರವೇರಿತು.
ದೇಶ - ವಿದೇಶ
ಡಜನ್‌ಗಟ್ಟಲೆ ಪ್ಯಾಲೆಸ್ತೀನಿಯನ್ ಕೈದಿಗಳಿಗಾಗಿ ಮೂವರು ಇಸ್ರೇಲಿ ಒತ್ತೆಯಾಳುಗಳ ಬಿಡುಗಡೆ
ಗಾಜಾ: ಗಾಜಾಪಟ್ಟಿಯಲ್ಲಿ ಕದನ ವಿರಾಮ ಒಪ್ಪಂದದ ಭಾಗವಾಗಿ ಡಜನ್‌ಗಟ್ಟಲೆ ಪ್ಯಾಲೆಸ್ತೀನಿಯನ್ ಕೈದಿಗಳಿಗಾಗಿ ಹಮಾಸ್ ಬಂಡುಕೋರರು ಮೂವರು ಇಸ್ರೇಲಿ ಒತ್ತೆಯಾಳುಗಳನ್ನು ಬಿಡುಗಡೆ ಮಾಡಿದ್ದಾರೆ. ಬಿಡುಗಡೆಯಾದವರನ್ನು ಓಹಾಡ್ ಬೆನ್ ಅಮಿ (56), ಎಲಿ ಶರಾಬಿ (52) ಮತ್ತು ಓರ್ ಲೆವಿ (34) ಎಂದು ಗುರುತಿಸಲಾಗಿದೆ. ರೆಡ್‌ಕ್ರಾಸ್ ಮೂಲಕ ಅವರನ್ನು ಇಸ್ರೇಲ್ ಸೇನೆಗೆ ಹಸ್ತಾಂತರಿಸಲಾಯಿತು. ಇದಕ್ಕೆ ಪ್ರತಿಯಾಗಿ 183 ಪ್ಯಾಲೆಸ್ತೀನಿಯನ್ ಕೈದಿಗಳನ್ನು ಇಸ್ರೇಲ್ ಬಿಡುಗಡೆ ಮಾಡಿದೆ.
ಕುಂಭಮೇಳದಲ್ಲಿ ಮತ್ತೊಂದು ಅಗ್ನಿ ಅವಘಡ, ಕಲ್ಪವಾಸಿ ಟೆಂಟ್‌ನಲ್ಲಿ ಸಿಲಿಂಡರ್ ಸೋರಿಕೆ
ಪ್ರಯಾಗ್‌ರಾಜ್: ಉತ್ತರ ಪ್ರದೇಶದ ಪ್ರಯಾಗ್‌ರಾಜ್‌ನಲ್ಲಿ ನಡೆಯುತ್ತಿರುವ ಮಹಾಕುಂಭಮೇಳದಲ್ಲಿ ಮತ್ತೊಂದು ಅಗ್ನಿ ಅವಘಡ ಸಂಭವಿಸಿದ್ದು, ಸೆಕ್ಟರ್ 19ರಲ್ಲಿರುವ ಕಲ್ಪವಾಸಿ ಟೆಂಟ್‌ನಲ್ಲಿ ಗ್ಯಾಸ್ ಸಿಲಿಂಡರ್ ಸೋರಿಕೆಯಾಗಿ ಬೆಂಕಿ ಕಾಣಿಸಿಕೊಂಡಿದೆ. ಸ್ಥಳಕ್ಕೆ ಧಾವಿಸಿದ ಅಗ್ನಿಶಾಮಕ ದಳದ ಸಿಬ್ಬಂದಿ ಬೆಂಕಿ ನಂದಿಸಿದ್ದು, ಯಾವುದೇ ಪ್ರಾಣಹಾನಿ ಸಂಭವಿಸಿಲ್ಲ ಎಂದು ಅಧಿಕಾರಿಗಳು ತಿಳಿಸಿದ್ದಾರೆ.
ಶ್ರೀಲಂಕಾ ನೌಕಾಪಡೆಯಿಂದ 14 ಭಾರತೀಯ ಮೀನುಗಾರರ ಬಂಧನ
ರಾಮನಾಥಪುರಂ: ಅಂತಾರಾಷ್ಟ್ರೀಯ ಕಡಲ ಗಡಿ ರೇಖೆ ಉಲ್ಲಂಘಿಸಿ ಮೀನುಗಾರಿಕೆ ನಡೆಸಿದ ಆರೋಪದ ಮೇಲೆ ತಮಿಳುನಾಡಿನ 14 ಮೀನುಗಾರರನ್ನು ಶ್ರೀಲಂಕಾ ನೌಕಾಪಡೆ ಬಂಧಿಸಿದೆ. ಅವರ ದೋಣಿಯನ್ನೂ ವಶಕ್ಕೆ ಪಡೆದಿದೆ. ಬಂಧಿತರನ್ನು ಕಂಗೇಶನ್‌ತುರೈ ನೌಕಾನೆಲೆಗೆ ಕರೆದೊಯ್ಯಲಾಗಿದ್ದು, ಮುಂದಿನ ಕಾನೂನು ಕ್ರಮಕ್ಕಾಗಿ ಮೀನುಗಾರಿಕೆ ಇಲಾಖೆಗೆ ಹಸ್ತಾಂತರಿಸಲಾಗುವುದು ಎಂದು ಮೂಲಗಳು ತಿಳಿಸಿವೆ.
ಛತ್ತೀಸ್‌ಗಢದಲ್ಲಿ ಎನ್‌ಕೌಂಟರ್: 31 ನಕ್ಸಲರ ಹತ್ಯೆ, ಇಬ್ಬರು ಪೊಲೀಸರು ಹುತಾತ್ಮ
ಬಿಜಾಪುರ(ಛತ್ತೀಸ್‌ಗಢ): ನಕ್ಸಲ್ ವಿರೋಧಿ ಕಾರ್ಯಾಚರಣೆಯಲ್ಲಿ ಭದ್ರತಾ ಪಡೆಗಳು ಭರ್ಜರಿ ಯಶಸ್ಸು ಸಾಧಿಸಿವೆ. ಛತ್ತೀಸ್‌ಗಢದ ಬಿಜಾಪುರ ಜಿಲ್ಲೆಯ ಇಂದ್ರಾವತಿ ರಾಷ್ಟ್ರೀಯ ಉದ್ಯಾನವನದ ಅರಣ್ಯ ಪ್ರದೇಶದಲ್ಲಿ ನಡೆದ ಎನ್‌ಕೌಂಟರ್‌ನಲ್ಲಿ 31 ನಕ್ಸಲರನ್ನು ಹತ್ಯೆಗೈಯಲಾಗಿದೆ. ಈ ಕಾರ್ಯಾಚರಣೆಯಲ್ಲಿ ಇಬ್ಬರು ಪೊಲೀಸ್ ಸಿಬ್ಬಂದಿ ಹುತಾತ್ಮರಾಗಿದ್ದು, ಇಬ್ಬರು ಗಾಯಗೊಂಡಿದ್ದಾರೆ ಎಂದು ಅಧಿಕಾರಿಗಳು ತಿಳಿಸಿದ್ದಾರೆ.
ಉಕ್ರೇನ್ ಯುದ್ಧದ ಬಗ್ಗೆ ರಷ್ಯಾ ಅಧ್ಯಕ್ಷ ಪುಟಿನ್ ಜತೆ ಮಾತನಾಡಿದ್ದೇನೆ
ವಾಷಿಂಗ್ಟನ್: ಉಕ್ರೇನ್‌ನಲ್ಲಿ ನಡೆಯುತ್ತಿರುವ ಯುದ್ಧವನ್ನು ಕೊನೆಗೊಳಿಸುವ ಕುರಿತು ಮಾತುಕತೆ ನಡೆಸಲು ರಷ್ಯಾ ಅಧ್ಯಕ್ಷ ವ್ಲಾದಿಮಿರ್ ಪುಟಿನ್ ಅವರೊಂದಿಗೆ ದೂರವಾಣಿ ಮೂಲಕ ಮಾತನಾಡಿದ್ದೇನೆ ಎಂದು ಅಮೆರಿಕ ಅಧ್ಯಕ್ಷ ಡೊನಾಲ್ಡ್ ಟ್ರಂಪ್ ಹೇಳಿದ್ದಾರೆ. ಯುದ್ಧದಲ್ಲಿ ಜನರು ಸಾಯುವುದನ್ನು ಪುಟಿನ್ ನಿಲ್ಲಿಸಲು ಬಯಸಿದ್ದಾರೆ ಎಂದು ಟ್ರಂಪ್ ತಿಳಿಸಿದ್ದಾರೆ. ಆದರೆ ಈ ಕುರಿತು ರಷ್ಯಾ ಯಾವುದೇ ಅಧಿಕೃತ ಹೇಳಿಕೆ ನೀಡಿಲ್ಲ.
